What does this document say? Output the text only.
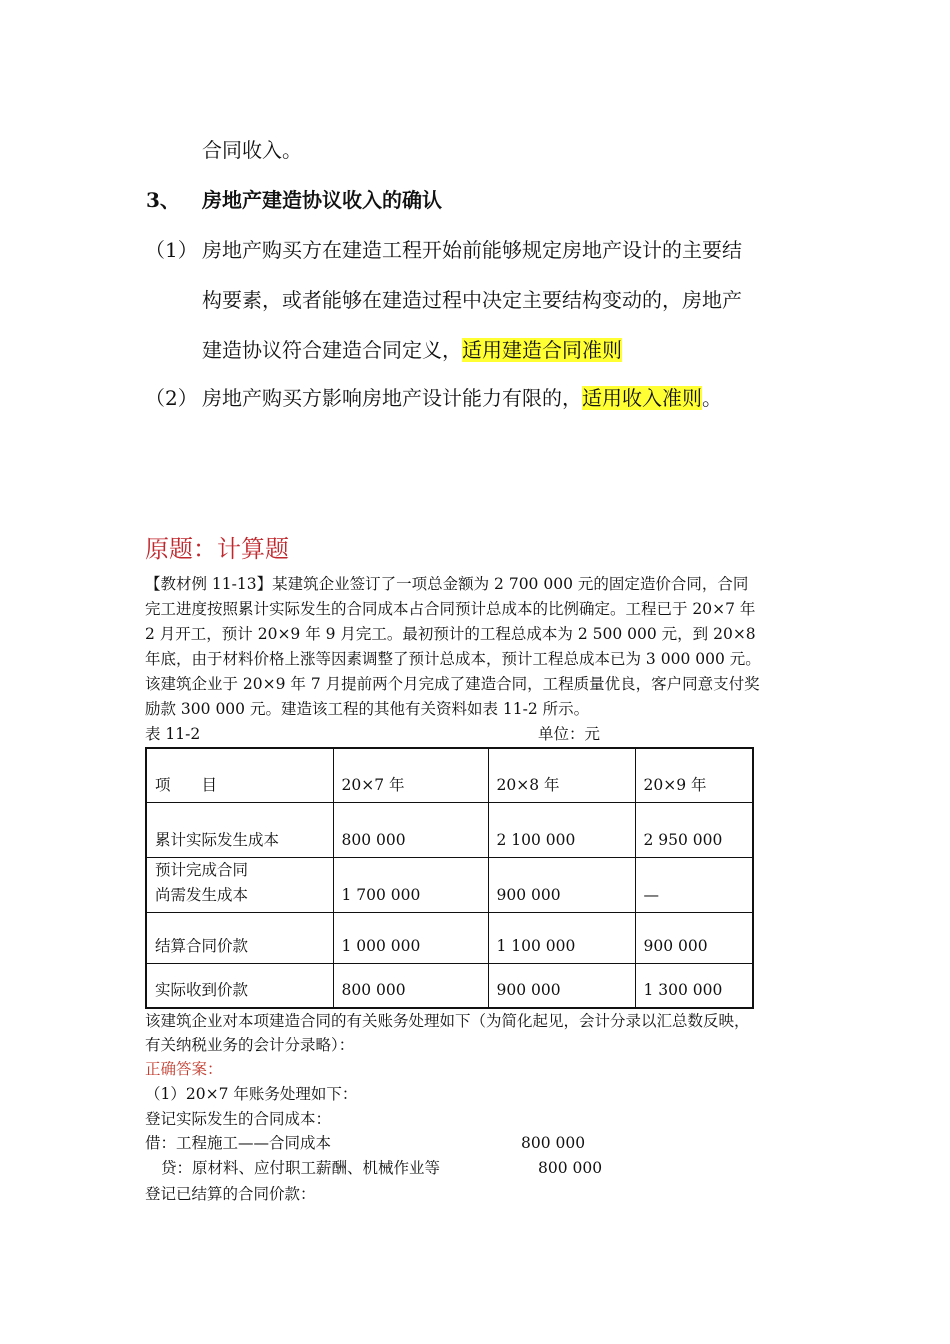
合同收入。
3、 房地产建造协议收入的确认
（1） 房地产购买方在建造工程开始前能够规定房地产设计的主要结
构要素，或者能够在建造过程中决定主要结构变动的，房地产
建造协议符合建造合同定义，适用建造合同准则
（2） 房地产购买方影响房地产设计能力有限的，适用收入准则。
原题：计算题
【教材例 11-13】某建筑企业签订了一项总金额为 2 700 000 元的固定造价合同，合同
完工进度按照累计实际发生的合同成本占合同预计总成本的比例确定。工程已于 20×7 年
2 月开工，预计 20×9 年 9 月完工。最初预计的工程总成本为 2 500 000 元，到 20×8
年底，由于材料价格上涨等因素调整了预计总成本，预计工程总成本已为 3 000 000 元。
该建筑企业于 20×9 年 7 月提前两个月完成了建造合同，工程质量优良，客户同意支付奖
励款 300 000 元。建造该工程的其他有关资料如表 11-2 所示。
表 11-2	单位：元
项　　目	20×7 年	20×8 年	20×9 年
累计实际发生成本	800 000	2 100 000	2 950 000
预计完成合同
尚需发生成本	1 700 000	900 000	—
结算合同价款	1 000 000	1 100 000	900 000
实际收到价款	800 000	900 000	1 300 000
该建筑企业对本项建造合同的有关账务处理如下（为简化起见，会计分录以汇总数反映，
有关纳税业务的会计分录略）：
正确答案：
（1）20×7 年账务处理如下：
登记实际发生的合同成本：
借：工程施工——合同成本	800 000
贷：原材料、应付职工薪酬、机械作业等	800 000
登记已结算的合同价款：
